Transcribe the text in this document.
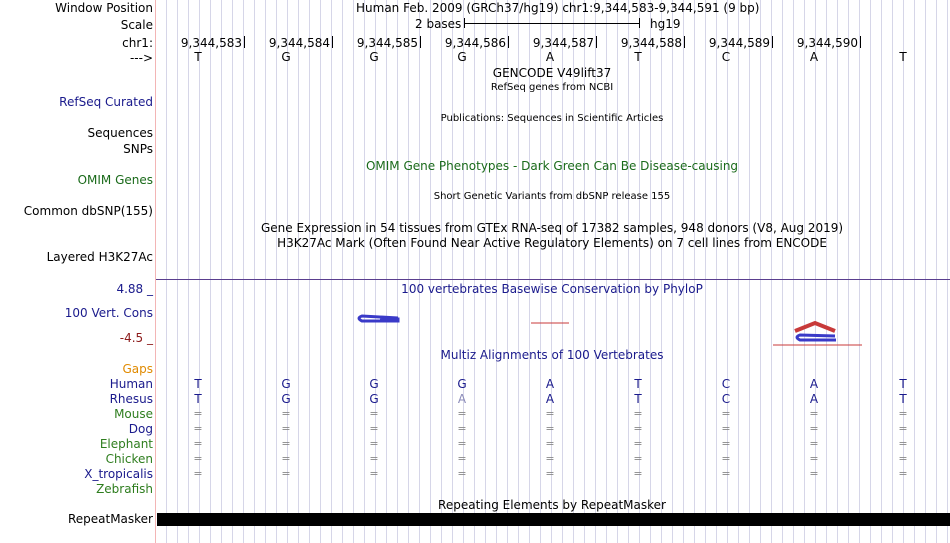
Window Position	Human Feb. 2009 (GRCh37/hg19) chr1:9,344,583-9,344,591 (9 bp)
Scale	2 bases	hg19
chr1: 9,344,583 9,344,584 9,344,585 9,344,586 9,344,587 9,344,588 9,344,589 9,344,590
--->	T	G	G	G	A	T	C	A	T
GENCODE V49lift37
RefSeq genes from NCBI
RefSeq Curated
Publications: Sequences in Scientific Articles
Sequences
SNPs
OMIM Gene Phenotypes - Dark Green Can Be Disease-causing
OMIM Genes
Short Genetic Variants from dbSNP release 155
Common dbSNP(155)
Gene Expression in 54 tissues from GTEx RNA-seq of 17382 samples, 948 donors (V8, Aug 2019)
H3K27Ac Mark (Often Found Near Active Regulatory Elements) on 7 cell lines from ENCODE
Layered H3K27Ac
4.88 _	100 vertebrates Basewise Conservation by PhyloP
100 Vert. Cons
-4.5 _
Multiz Alignments of 100 Vertebrates
Gaps
Human	T	G	G	G	A	T	C	A	T
Rhesus	T	G	G	A	A	T	C	A	T
Mouse	=	=	=	=	=	=	=	=	=
Dog	=	=	=	=	=	=	=	=	=
Elephant	=	=	=	=	=	=	=	=	=
Chicken	=	=	=	=	=	=	=	=	=
X_tropicalis	=	=	=	=	=	=	=	=	=
Zebrafish
Repeating Elements by RepeatMasker
RepeatMasker
